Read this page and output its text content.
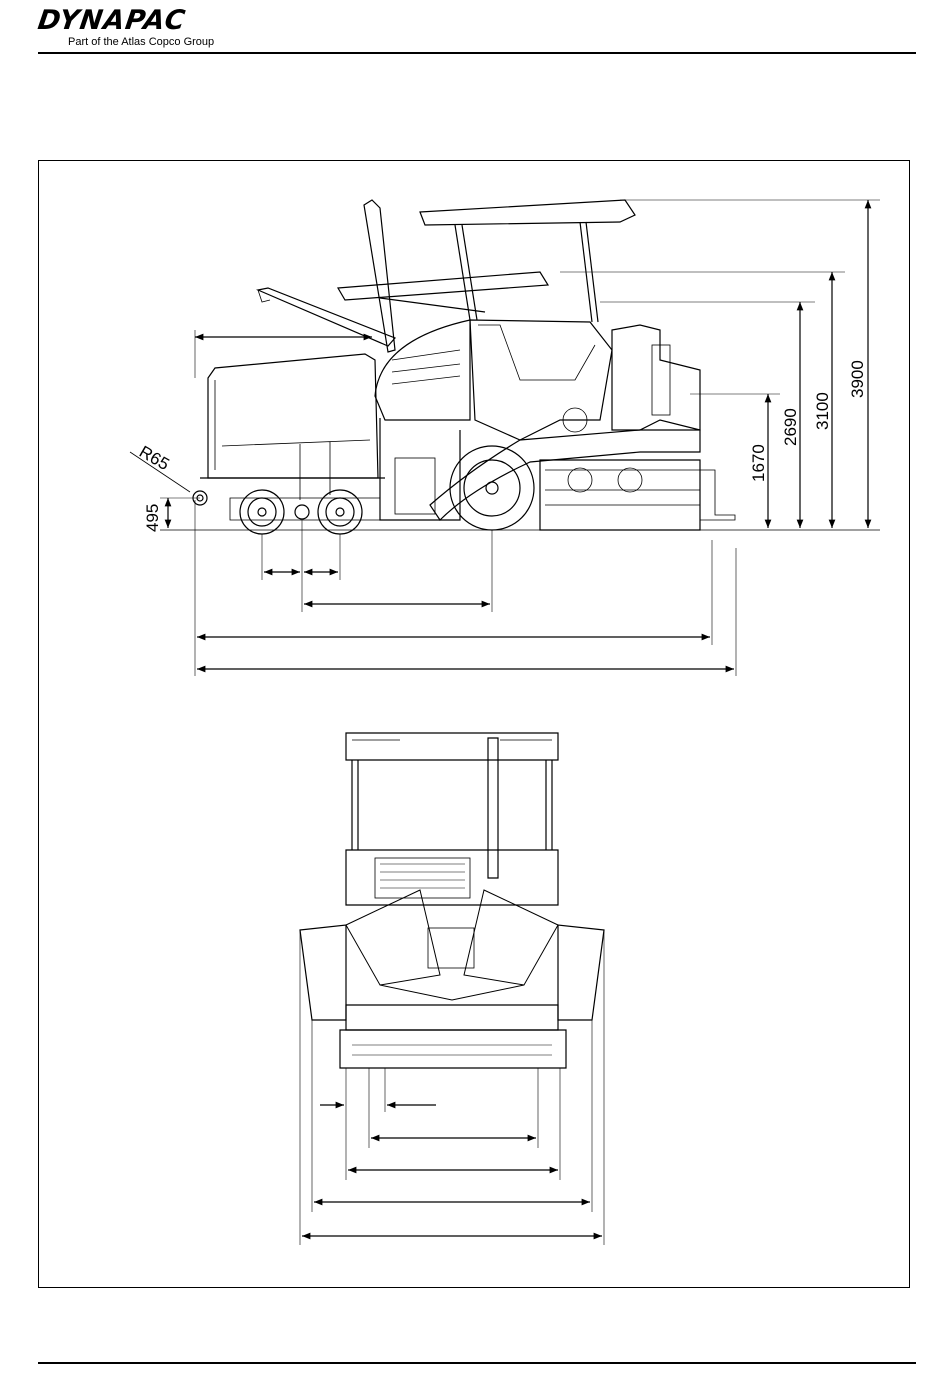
DYNAPAC
Part of the Atlas Copco Group
3900
3100
2690
1670
495
R65
